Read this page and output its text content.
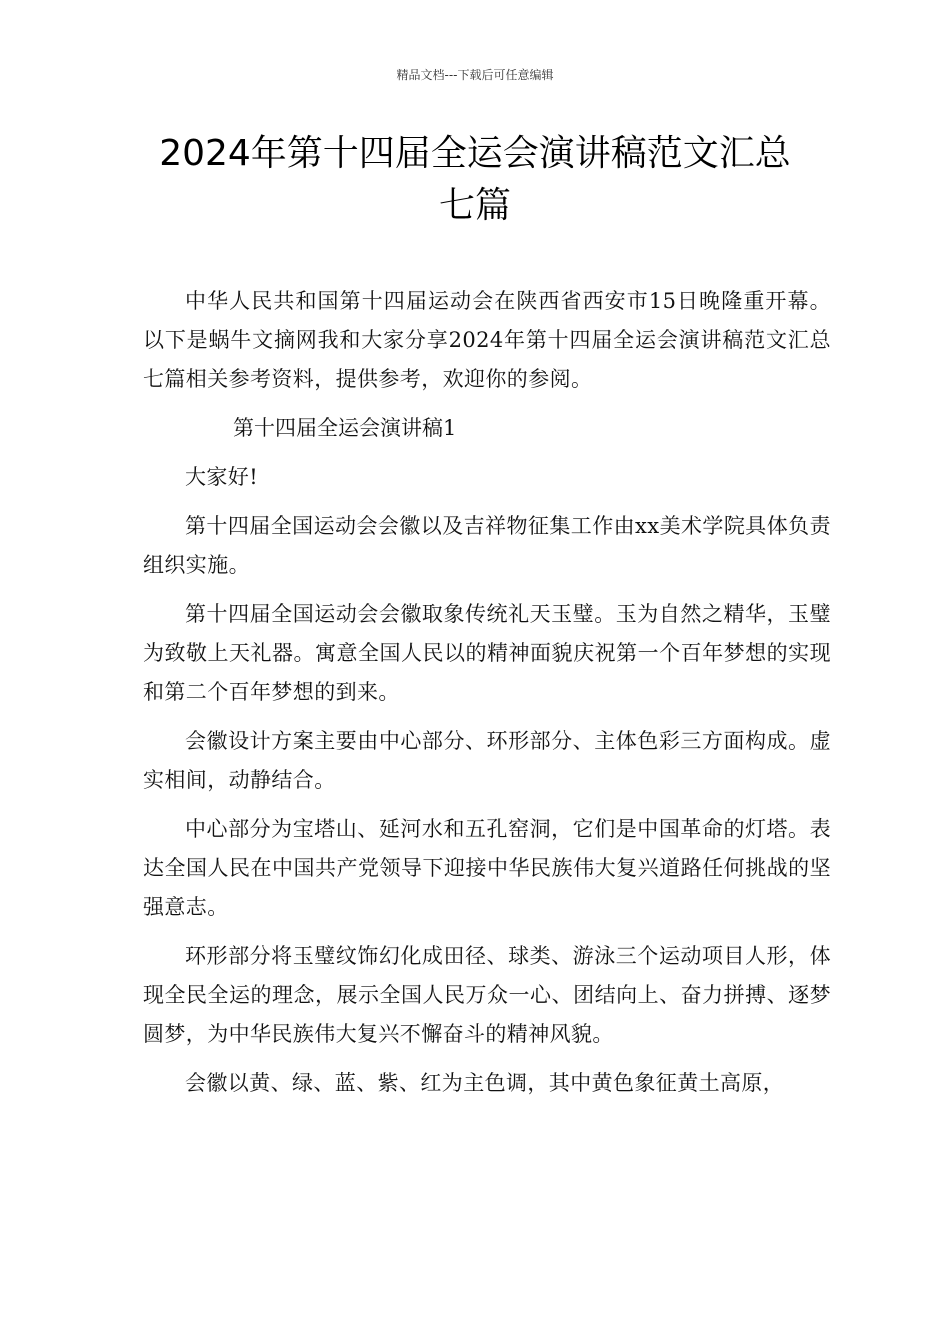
精品文档---下载后可任意编辑
2024年第十四届全运会演讲稿范文汇总
七篇

中华人民共和国第十四届运动会在陕西省西安市15日晚隆重开幕。以下是蜗牛文摘网我和大家分享2024年第十四届全运会演讲稿范文汇总七篇相关参考资料，提供参考，欢迎你的参阅。

第十四届全运会演讲稿1

大家好!

第十四届全国运动会会徽以及吉祥物征集工作由xx美术学院具体负责组织实施。

第十四届全国运动会会徽取象传统礼天玉璧。玉为自然之精华，玉璧为致敬上天礼器。寓意全国人民以的精神面貌庆祝第一个百年梦想的实现和第二个百年梦想的到来。

会徽设计方案主要由中心部分、环形部分、主体色彩三方面构成。虚实相间，动静结合。

中心部分为宝塔山、延河水和五孔窑洞，它们是中国革命的灯塔。表达全国人民在中国共产党领导下迎接中华民族伟大复兴道路任何挑战的坚强意志。

环形部分将玉璧纹饰幻化成田径、球类、游泳三个运动项目人形，体现全民全运的理念，展示全国人民万众一心、团结向上、奋力拼搏、逐梦圆梦，为中华民族伟大复兴不懈奋斗的精神风貌。

会徽以黄、绿、蓝、紫、红为主色调，其中黄色象征黄土高原，
